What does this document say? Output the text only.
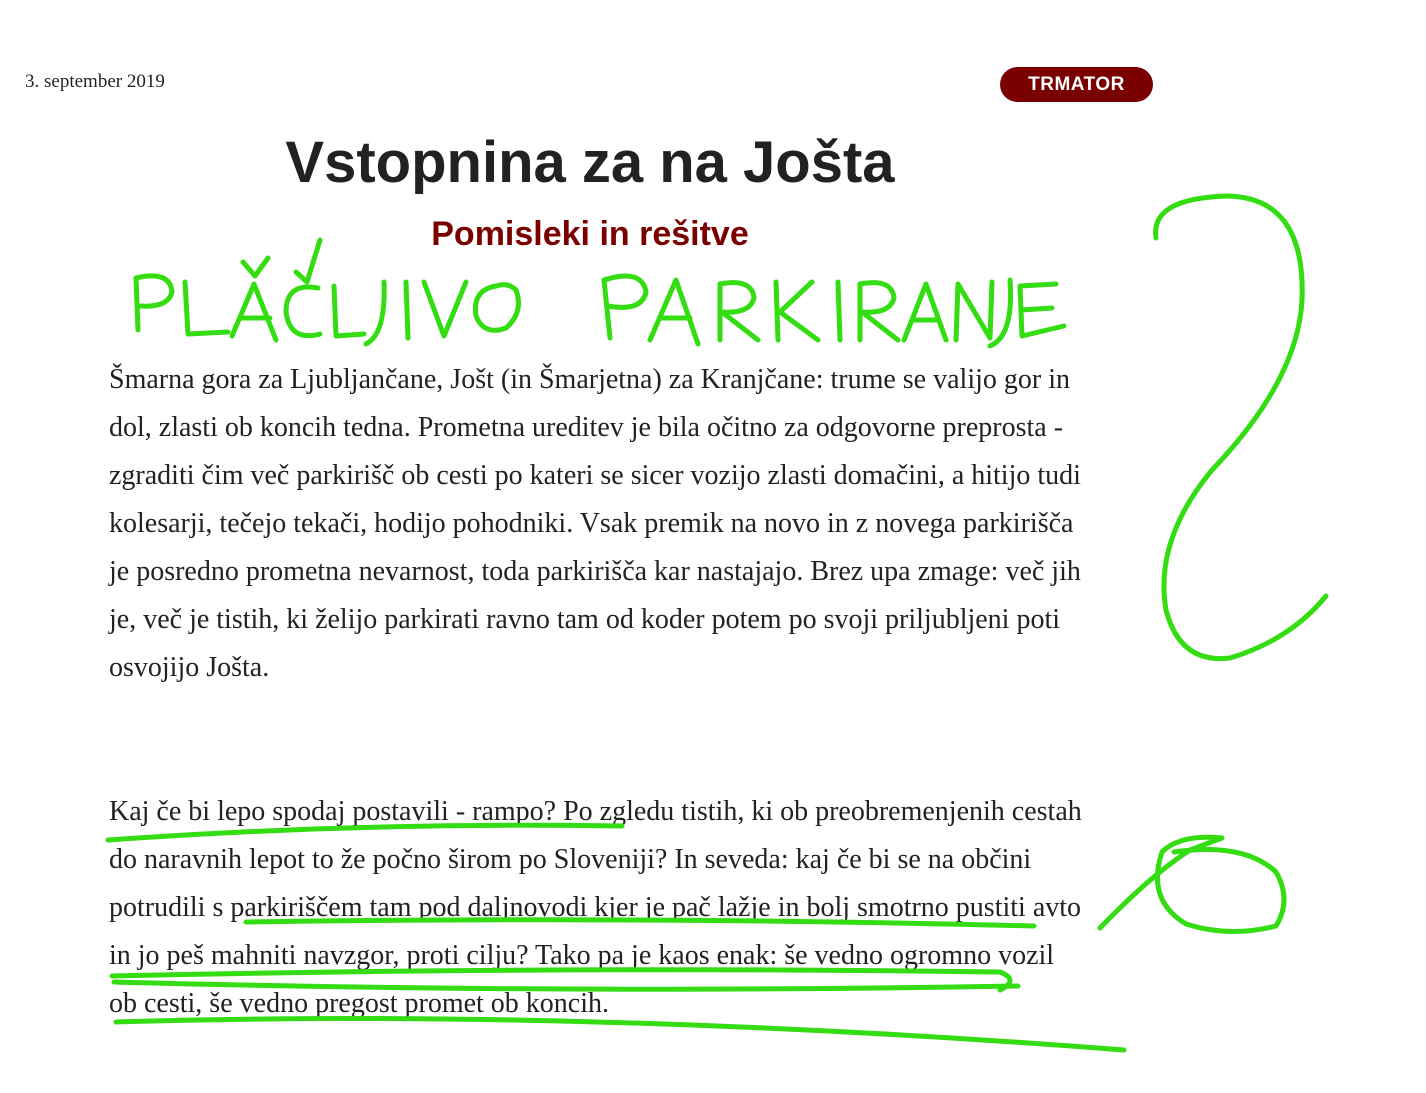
3. september 2019	TRMATOR
Vstopnina za na Jošta
Pomisleki in rešitve

Šmarna gora za Ljubljančane, Jošt (in Šmarjetna) za Kranjčane: trume se valijo gor in dol, zlasti ob koncih tedna. Prometna ureditev je bila očitno za odgovorne preprosta - zgraditi čim več parkirišč ob cesti po kateri se sicer vozijo zlasti domačini, a hitijo tudi kolesarji, tečejo tekači, hodijo pohodniki. Vsak premik na novo in z novega parkirišča je posredno prometna nevarnost, toda parkirišča kar nastajajo. Brez upa zmage: več jih je, več je tistih, ki želijo parkirati ravno tam od koder potem po svoji priljubljeni poti osvojijo Jošta.

Kaj če bi lepo spodaj postavili - rampo? Po zgledu tistih, ki ob preobremenjenih cestah do naravnih lepot to že počno širom po Sloveniji? In seveda: kaj če bi se na občini potrudili s parkiriščem tam pod daljnovodi kjer je pač lažje in bolj smotrno pustiti avto in jo peš mahniti navzgor, proti cilju? Tako pa je kaos enak: še vedno ogromno vozil ob cesti, še vedno pregost promet ob koncih.
